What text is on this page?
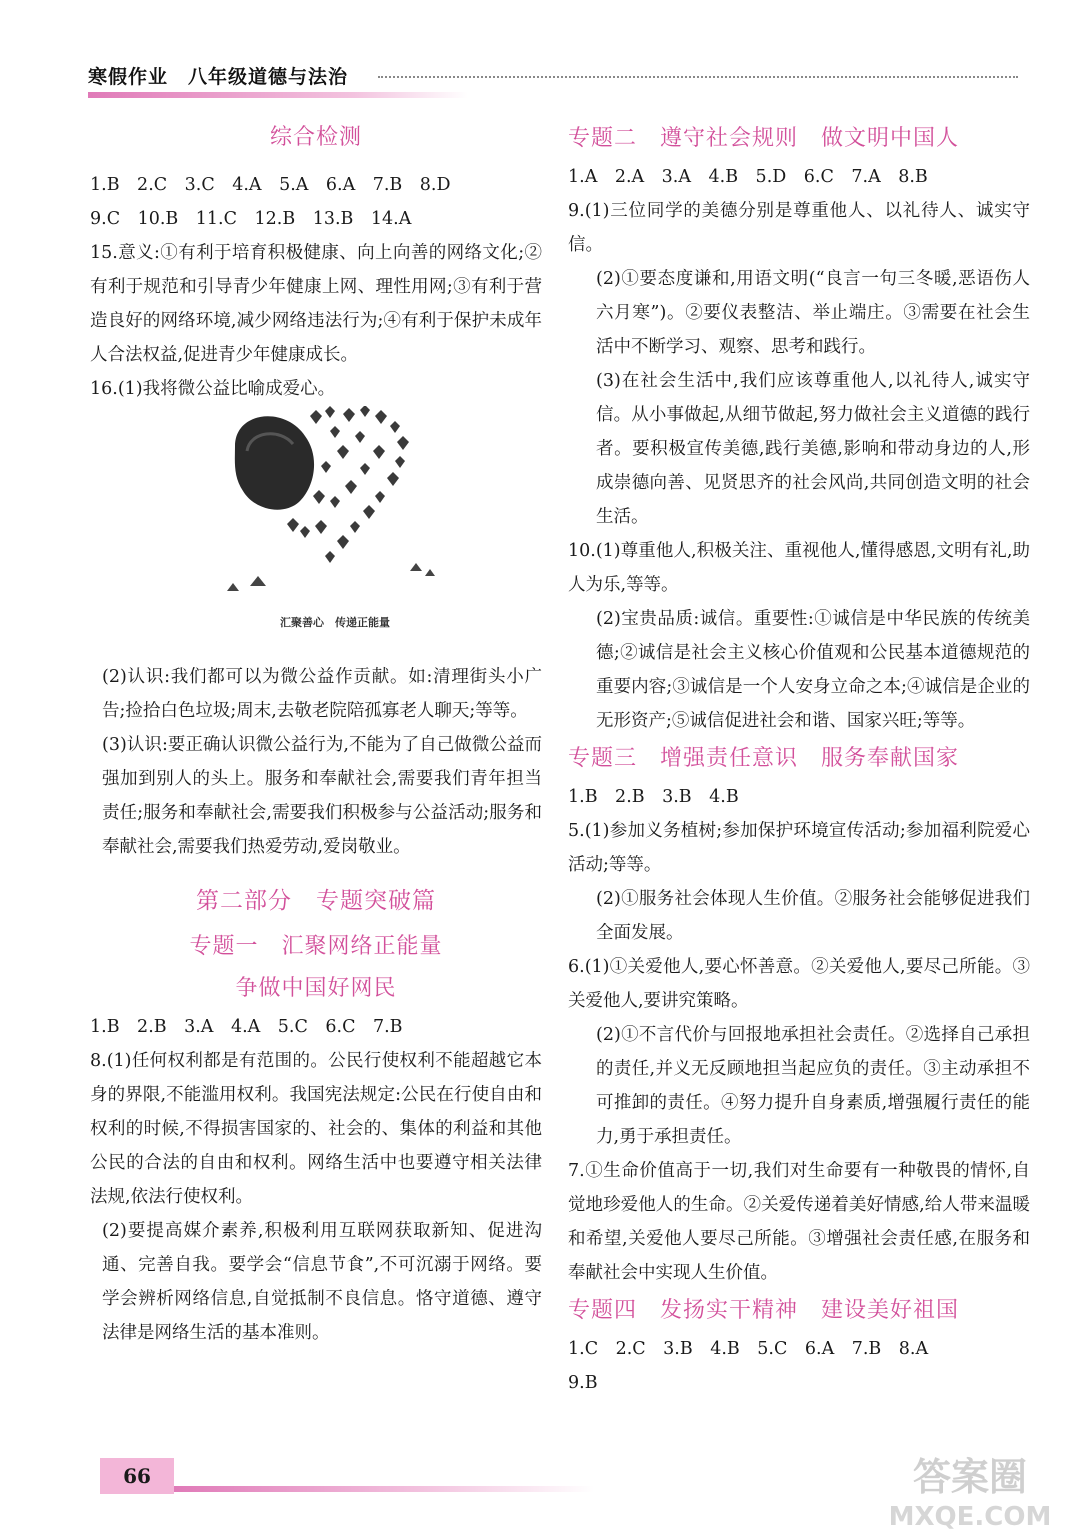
寒假作业　八年级道德与法治
综合检测

1.B　2.C　3.C　4.A　5.A　6.A　7.B　8.D

9.C　10.B　11.C　12.B　13.B　14.A

15.意义:①有利于培育积极健康、向上向善的网络文化;②有利于规范和引导青少年健康上网、理性用网;③有利于营造良好的网络环境,减少网络违法行为;④有利于保护未成年人合法权益,促进青少年健康成长。

16.(1)我将微公益比喻成爱心。

汇聚善心　传递正能量

(2)认识:我们都可以为微公益作贡献。如:清理街头小广告;捡拾白色垃圾;周末,去敬老院陪孤寡老人聊天;等等。

(3)认识:要正确认识微公益行为,不能为了自己做微公益而强加到别人的头上。服务和奉献社会,需要我们青年担当责任;服务和奉献社会,需要我们积极参与公益活动;服务和奉献社会,需要我们热爱劳动,爱岗敬业。

第二部分　专题突破篇
专题一　汇聚网络正能量
争做中国好网民

1.B　2.B　3.A　4.A　5.C　6.C　7.B

8.(1)任何权利都是有范围的。公民行使权利不能超越它本身的界限,不能滥用权利。我国宪法规定:公民在行使自由和权利的时候,不得损害国家的、社会的、集体的利益和其他公民的合法的自由和权利。网络生活中也要遵守相关法律法规,依法行使权利。

(2)要提高媒介素养,积极利用互联网获取新知、促进沟通、完善自我。要学会“信息节食”,不可沉溺于网络。要学会辨析网络信息,自觉抵制不良信息。恪守道德、遵守法律是网络生活的基本准则。

专题二　遵守社会规则　做文明中国人

1.A　2.A　3.A　4.B　5.D　6.C　7.A　8.B

9.(1)三位同学的美德分别是尊重他人、以礼待人、诚实守信。

(2)①要态度谦和,用语文明(“良言一句三冬暖,恶语伤人六月寒”)。②要仪表整洁、举止端庄。③需要在社会生活中不断学习、观察、思考和践行。

(3)在社会生活中,我们应该尊重他人,以礼待人,诚实守信。从小事做起,从细节做起,努力做社会主义道德的践行者。要积极宣传美德,践行美德,影响和带动身边的人,形成崇德向善、见贤思齐的社会风尚,共同创造文明的社会生活。

10.(1)尊重他人,积极关注、重视他人,懂得感恩,文明有礼,助人为乐,等等。

(2)宝贵品质:诚信。重要性:①诚信是中华民族的传统美德;②诚信是社会主义核心价值观和公民基本道德规范的重要内容;③诚信是一个人安身立命之本;④诚信是企业的无形资产;⑤诚信促进社会和谐、国家兴旺;等等。

专题三　增强责任意识　服务奉献国家

1.B　2.B　3.B　4.B

5.(1)参加义务植树;参加保护环境宣传活动;参加福利院爱心活动;等等。

(2)①服务社会体现人生价值。②服务社会能够促进我们全面发展。

6.(1)①关爱他人,要心怀善意。②关爱他人,要尽己所能。③关爱他人,要讲究策略。

(2)①不言代价与回报地承担社会责任。②选择自己承担的责任,并义无反顾地担当起应负的责任。③主动承担不可推卸的责任。④努力提升自身素质,增强履行责任的能力,勇于承担责任。

7.①生命价值高于一切,我们对生命要有一种敬畏的情怀,自觉地珍爱他人的生命。②关爱传递着美好情感,给人带来温暖和希望,关爱他人要尽己所能。③增强社会责任感,在服务和奉献社会中实现人生价值。

专题四　发扬实干精神　建设美好祖国

1.C　2.C　3.B　4.B　5.C　6.A　7.B　8.A

9.B

66	答案圈
MXQE.COM
